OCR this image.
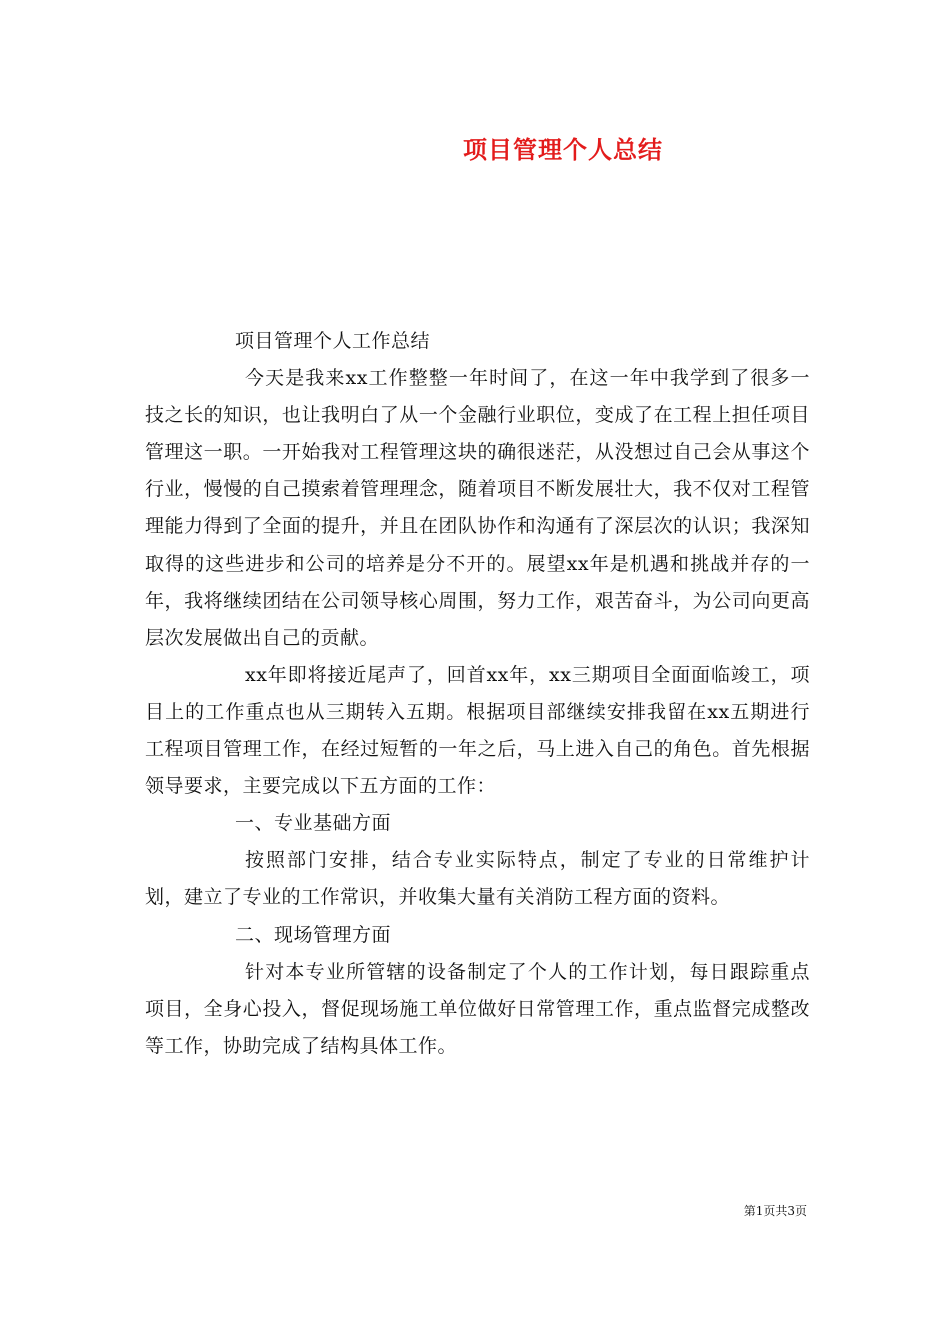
项目管理个人总结

项目管理个人工作总结

今天是我来xx工作整整一年时间了，在这一年中我学到了很多一技之长的知识，也让我明白了从一个金融行业职位，变成了在工程上担任项目管理这一职。一开始我对工程管理这块的确很迷茫，从没想过自己会从事这个行业，慢慢的自己摸索着管理理念，随着项目不断发展壮大，我不仅对工程管理能力得到了全面的提升，并且在团队协作和沟通有了深层次的认识；我深知取得的这些进步和公司的培养是分不开的。展望xx年是机遇和挑战并存的一年，我将继续团结在公司领导核心周围，努力工作，艰苦奋斗，为公司向更高层次发展做出自己的贡献。

xx年即将接近尾声了，回首xx年，xx三期项目全面面临竣工，项目上的工作重点也从三期转入五期。根据项目部继续安排我留在xx五期进行工程项目管理工作，在经过短暂的一年之后，马上进入自己的角色。首先根据领导要求，主要完成以下五方面的工作：

一、专业基础方面

按照部门安排，结合专业实际特点，制定了专业的日常维护计划，建立了专业的工作常识，并收集大量有关消防工程方面的资料。

二、现场管理方面

针对本专业所管辖的设备制定了个人的工作计划，每日跟踪重点项目，全身心投入，督促现场施工单位做好日常管理工作，重点监督完成整改等工作，协助完成了结构具体工作。

第1页共3页
